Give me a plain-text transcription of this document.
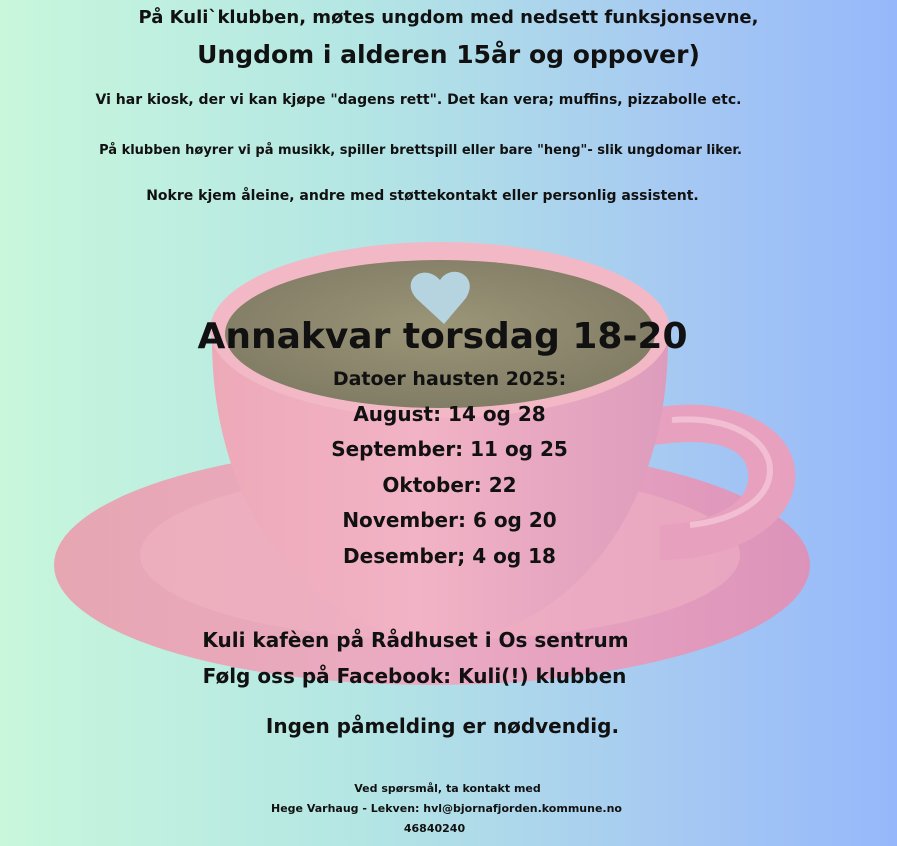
På Kuli`klubben, møtes ungdom med nedsett funksjonsevne,
Ungdom i alderen 15år og oppover)
Vi har kiosk, der vi kan kjøpe "dagens rett". Det kan vera; muffins, pizzabolle etc.
På klubben høyrer vi på musikk, spiller brettspill eller bare "heng"- slik ungdomar liker.
Nokre kjem åleine, andre med støttekontakt eller personlig assistent.
Annakvar torsdag 18-20
Datoer hausten 2025:
August: 14 og 28
September: 11 og 25
Oktober: 22
November: 6 og 20
Desember; 4 og 18
Kuli kafèen på Rådhuset i Os sentrum
Følg oss på Facebook: Kuli(!) klubben
Ingen påmelding er nødvendig.
Ved spørsmål, ta kontakt med
Hege Varhaug - Lekven: hvl@bjornafjorden.kommune.no
46840240
